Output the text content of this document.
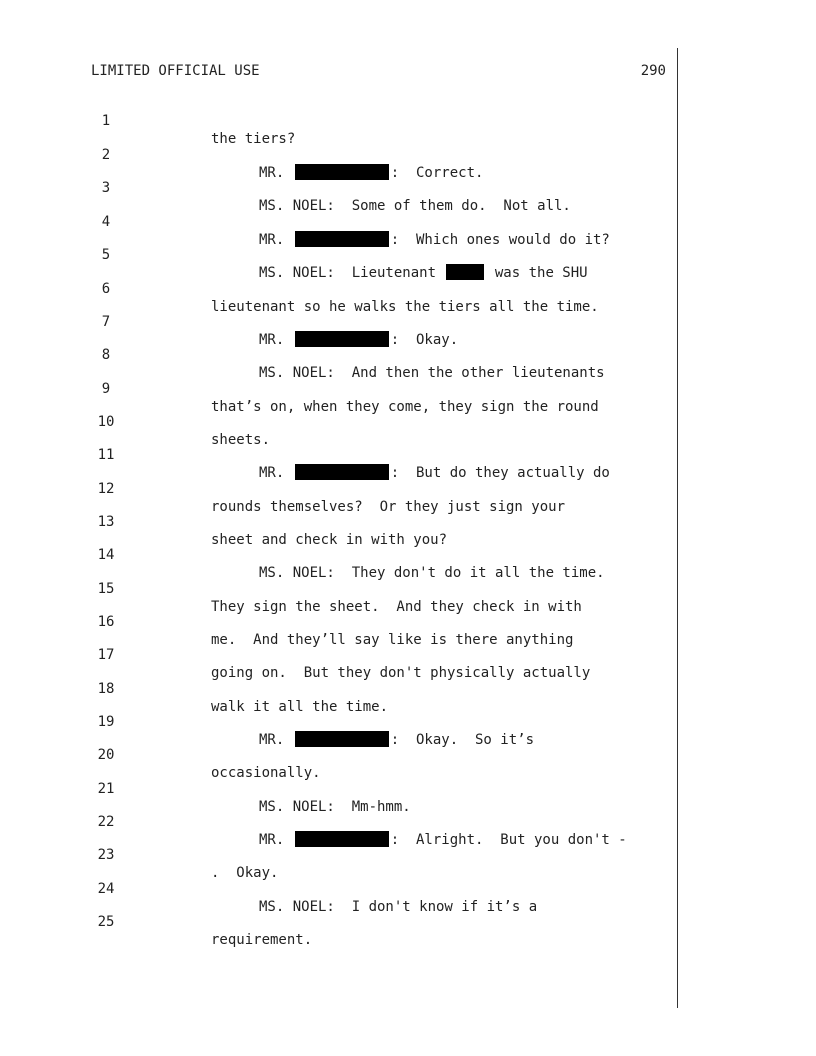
LIMITED OFFICIAL USE	290

1

the tiers?

2

MR.	:  Correct.

3

MS. NOEL:  Some of them do.  Not all.

4

MR.	:  Which ones would do it?

5

MS. NOEL:  Lieutenant	was the SHU

6

lieutenant so he walks the tiers all the time.

7

MR.	:  Okay.

8

MS. NOEL:  And then the other lieutenants

9

that’s on, when they come, they sign the round

10

sheets.

11

MR.	:  But do they actually do

12

rounds themselves?  Or they just sign your

13

sheet and check in with you?

14

MS. NOEL:  They don't do it all the time.

15

They sign the sheet.  And they check in with

16

me.  And they’ll say like is there anything

17

going on.  But they don't physically actually

18

walk it all the time.

19

MR.	:  Okay.  So it’s

20

occasionally.

21

MS. NOEL:  Mm-hmm.

22

MR.	:  Alright.  But you don't -

23

.  Okay.

24

MS. NOEL:  I don't know if it’s a

25

requirement.
